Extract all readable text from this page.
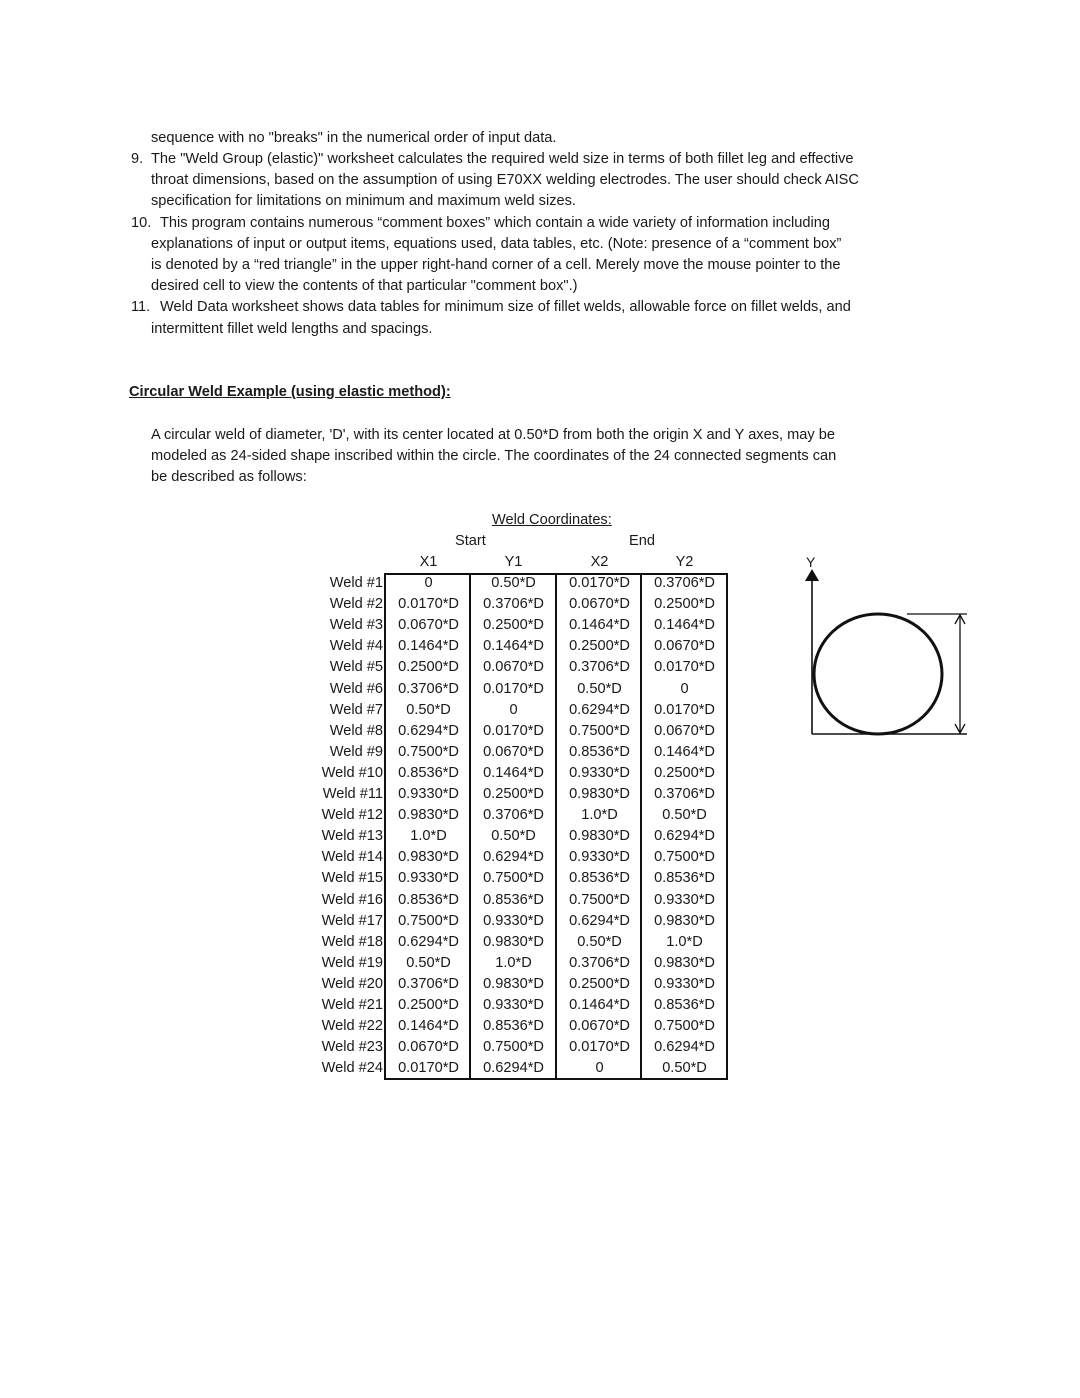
sequence with no "breaks" in the numerical order of input data.
9. The "Weld Group (elastic)" worksheet calculates the required weld size in terms of both fillet leg and effective
throat dimensions, based on the assumption of using E70XX welding electrodes. The user should check AISC
specification for limitations on minimum and maximum weld sizes.
10. This program contains numerous “comment boxes” which contain a wide variety of information including
explanations of input or output items, equations used, data tables, etc. (Note: presence of a “comment box”
is denoted by a “red triangle” in the upper right-hand corner of a cell. Merely move the mouse pointer to the
desired cell to view the contents of that particular "comment box".)
11. Weld Data worksheet shows data tables for minimum size of fillet welds, allowable force on fillet welds, and
intermittent fillet weld lengths and spacings.
Circular Weld Example (using elastic method):
A circular weld of diameter, 'D', with its center located at 0.50*D from both the origin X and Y axes, may be
modeled as 24-sided shape inscribed within the circle. The coordinates of the 24 connected segments can
be described as follows:
Weld Coordinates:
Start	End
X1	Y1	X2	Y2
Weld #1	0	0.50*D	0.0170*D	0.3706*D
Weld #2	0.0170*D	0.3706*D	0.0670*D	0.2500*D
Weld #3	0.0670*D	0.2500*D	0.1464*D	0.1464*D
Weld #4	0.1464*D	0.1464*D	0.2500*D	0.0670*D
Weld #5	0.2500*D	0.0670*D	0.3706*D	0.0170*D
Weld #6	0.3706*D	0.0170*D	0.50*D	0
Weld #7	0.50*D	0	0.6294*D	0.0170*D
Weld #8	0.6294*D	0.0170*D	0.7500*D	0.0670*D
Weld #9	0.7500*D	0.0670*D	0.8536*D	0.1464*D
Weld #10	0.8536*D	0.1464*D	0.9330*D	0.2500*D
Weld #11	0.9330*D	0.2500*D	0.9830*D	0.3706*D
Weld #12	0.9830*D	0.3706*D	1.0*D	0.50*D
Weld #13	1.0*D	0.50*D	0.9830*D	0.6294*D
Weld #14	0.9830*D	0.6294*D	0.9330*D	0.7500*D
Weld #15	0.9330*D	0.7500*D	0.8536*D	0.8536*D
Weld #16	0.8536*D	0.8536*D	0.7500*D	0.9330*D
Weld #17	0.7500*D	0.9330*D	0.6294*D	0.9830*D
Weld #18	0.6294*D	0.9830*D	0.50*D	1.0*D
Weld #19	0.50*D	1.0*D	0.3706*D	0.9830*D
Weld #20	0.3706*D	0.9830*D	0.2500*D	0.9330*D
Weld #21	0.2500*D	0.9330*D	0.1464*D	0.8536*D
Weld #22	0.1464*D	0.8536*D	0.0670*D	0.7500*D
Weld #23	0.0670*D	0.7500*D	0.0170*D	0.6294*D
Weld #24	0.0170*D	0.6294*D	0	0.50*D
Y
